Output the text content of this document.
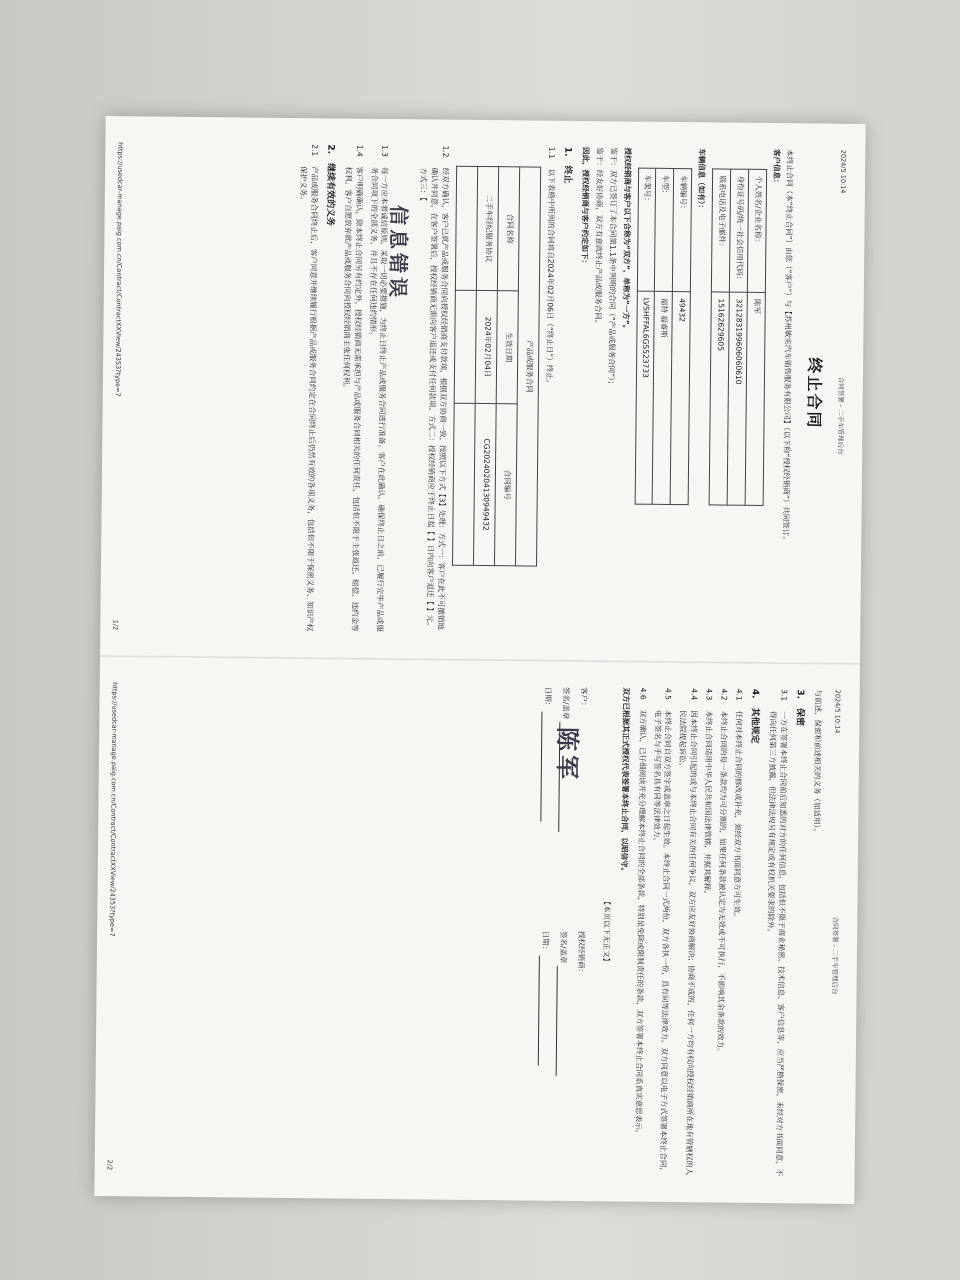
2024/5 10:14
合同签署 - 二手车管理后台
终止合同

本终止合同（本“终止合同”）由您（“客户”）与【苏州敏实汽车销售服务有限公司】（以下称“授权经销商”）共同签订。

客户信息：

个人姓名/企业名称：	陈军
身份证号码/统一社会信用代码：	321283199606060610
联系电话及电子邮件：	15162629605

车辆信息（如有）：

车辆编号：	49432
车型：	福特 福睿斯
车架号：	LVSHFFAL6GS523733

授权经销商与客户以下合称为“双方”，单称为“一方”。

鉴于：双方已签订了本合同第1.1条中列明的合同（“产品或服务合同”）；

鉴于：经友好协商，双方有意就终止产品或服务合同。

因此，授权经销商与客户约定如下：

1.　终止
1.1
以下表格中所列的合同将自2024年02月06日（“终止日”）终止。
产品或服务合同		
合同名称	生效日期	合同编号
二手车经纪服务协议	2024年02月04日	CG20240204130949432

1.2
经双方确认，客户已就产品或服务合同向授权经销商支付款项，根据双方协商一致，按照以下方式【3】处理：方式一：客户在此不可撤销地确认并同意，在客户签署后，授权经销商无需向客户退还或支付任何款项。方式二：授权经销商应于终止日起【 】日内向客户退还【 】元。方式三：【
信息错误
1.3
每一方应本着诚信原则，采取一切必要措施，为终止日终止产品或服务合同进行准备。客户在此确认，确保终止日之前，已履行完毕产品或服务合同项下的全部义务，并且不存在任何违约情形。
1.4
客户明确确认，除本终止合同另有约定外，授权经销商无需承担与产品或服务合同相关的任何责任，包括但不限于主张返还、赔偿、违约金等权利。客户自愿放弃就产品或服务合同向授权经销商主张任何权利。
2.　继续有效的义务
2.1
产品或服务合同终止后，客户同意并继续履行根据产品或服务合同约定在合同终止后仍然有效的各项义务，包括但不限于保密义务、知识产权保护义务。
https://usedcar-manage.paig.com.cn/Contract/ContractXXView/24353?type=7
1/2
2024/5 10:14
合同签署 - 二手车管理后台

与前述，保密和前述相关的义务（如适用）。

3.　保密
3.1
一方在签署本终止合同前后知悉的对方的任何信息，包括但不限于商业秘密、技术信息、客户信息等，应当严格保密，未经对方书面同意，不得向任何第三方披露，但法律法规另有规定或有权机关要求的除外。
4.　其他规定
4.1
任何对本终止合同的修改或补充，须经双方书面同意方可生效。
4.2
本终止合同的每一条款均为可分割的，如果任何条款被认定为无效或不可执行，不影响其余条款的效力。
4.3
本终止合同适用中华人民共和国法律管辖，并据其解释。
4.4
因本终止合同引起的或与本终止合同有关的任何争议，双方应友好协商解决；协商不成的，任何一方均有权向授权经销商所在地有管辖权的人民法院提起诉讼。
4.5
本终止合同自双方签字或盖章之日起生效。本终止合同一式两份，双方各执一份，具有同等法律效力。双方同意以电子方式签署本终止合同，电子签名与手写签名具有同等法律效力。
4.6
双方确认，已仔细阅读并充分理解本终止合同的全部条款，特别是免除或限制责任的条款，双方签署本终止合同系真实意思表示。

双方已根据其正式授权代表签署本终止合同，以昭信守。

【本页以下无正文】

客户：
签名/盖章
日期：
陈军
授权经销商：
签名/盖章
日期：
https://usedcar-manage.paig.com.cn/Contract/ContractXXView/24353?type=7
2/2
